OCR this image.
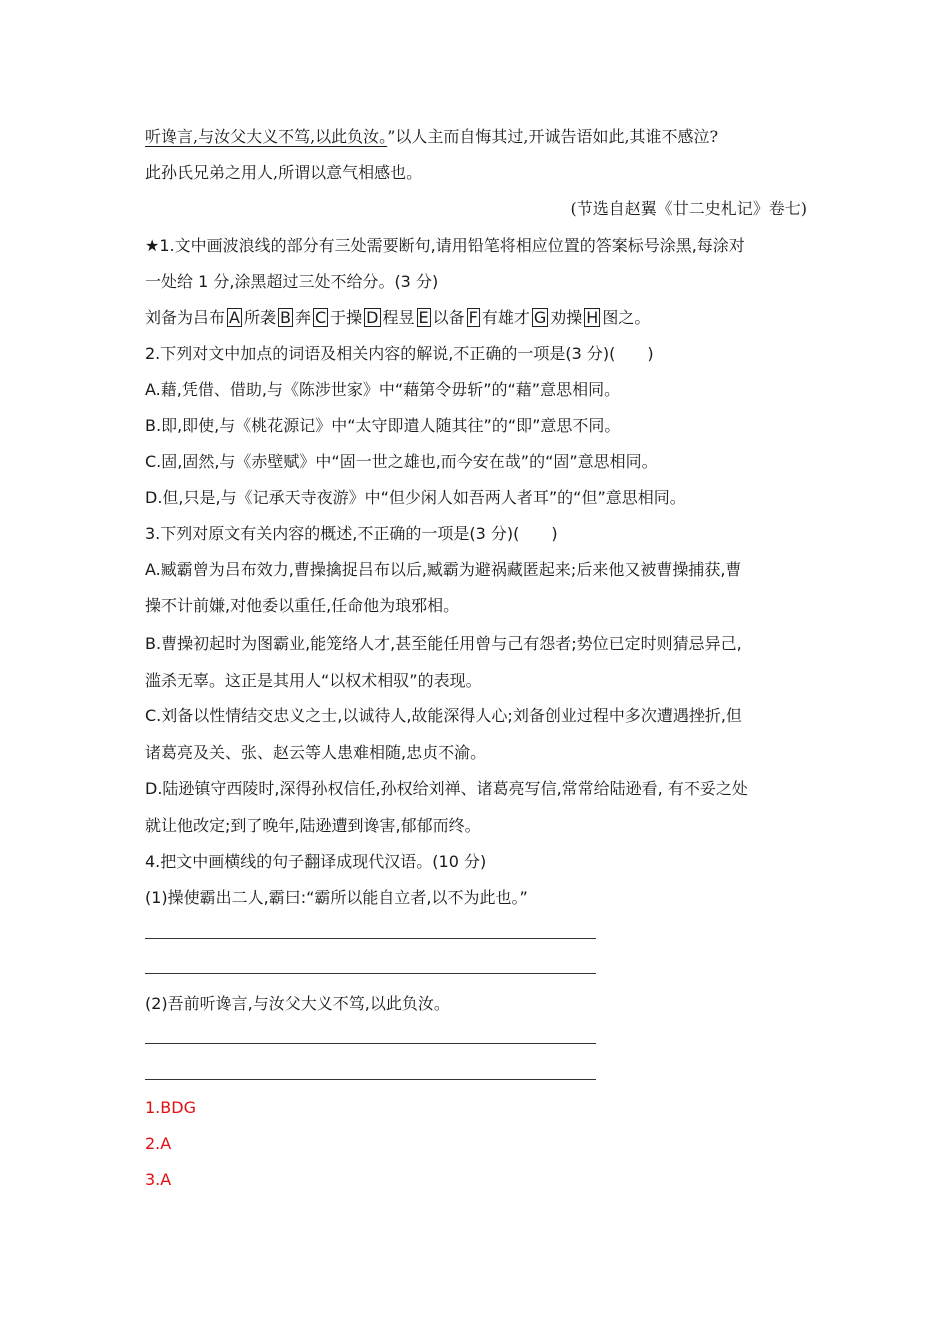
听谗言,与汝父大义不笃,以此负汝。”以人主而自悔其过,开诚告语如此,其谁不感泣?
此孙氏兄弟之用人,所谓以意气相感也。
(节选自赵翼《廿二史札记》卷七)
★1.文中画波浪线的部分有三处需要断句,请用铅笔将相应位置的答案标号涂黑,每涂对
一处给 1 分,涂黑超过三处不给分。(3 分)
刘备为吕布 A 所袭 B 奔 C 于操 D 程昱 E 以备 F 有雄才 G 劝操 H 图之。
2.下列对文中加点的词语及相关内容的解说,不正确的一项是(3 分)(　　)
A.藉,凭借、借助,与《陈涉世家》中“藉第令毋斩”的“藉”意思相同。
B.即,即使,与《桃花源记》中“太守即遣人随其往”的“即”意思不同。
C.固,固然,与《赤壁赋》中“固一世之雄也,而今安在哉”的“固”意思相同。
D.但,只是,与《记承天寺夜游》中“但少闲人如吾两人者耳”的“但”意思相同。
3.下列对原文有关内容的概述,不正确的一项是(3 分)(　　)
A.臧霸曾为吕布效力,曹操擒捉吕布以后,臧霸为避祸藏匿起来;后来他又被曹操捕获,曹
操不计前嫌,对他委以重任,任命他为琅邪相。
B.曹操初起时为图霸业,能笼络人才,甚至能任用曾与己有怨者;势位已定时则猜忌异己,
滥杀无辜。这正是其用人“以权术相驭”的表现。
C.刘备以性情结交忠义之士,以诚待人,故能深得人心;刘备创业过程中多次遭遇挫折,但
诸葛亮及关、张、赵云等人患难相随,忠贞不渝。
D.陆逊镇守西陵时,深得孙权信任,孙权给刘禅、诸葛亮写信,常常给陆逊看, 有不妥之处
就让他改定;到了晚年,陆逊遭到谗害,郁郁而终。
4.把文中画横线的句子翻译成现代汉语。(10 分)
(1)操使霸出二人,霸曰:“霸所以能自立者,以不为此也。”
(2)吾前听谗言,与汝父大义不笃,以此负汝。
1.BDG
2.A
3.A
